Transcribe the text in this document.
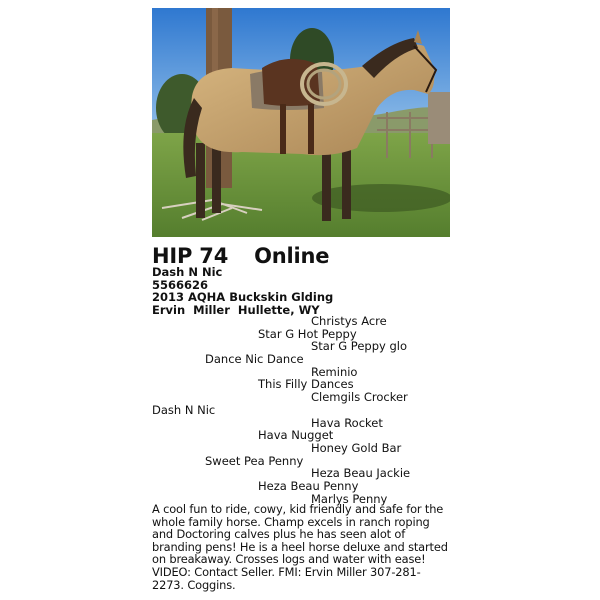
HIP 74 Online
Dash N Nic
5566626
2013 AQHA Buckskin Glding
Ervin  Miller  Hullette, WY
Christys Acre
Star G Hot Peppy
Star G Peppy glo
Dance Nic Dance
Reminio
This Filly Dances
Clemgils Crocker
Dash N Nic
Hava Rocket
Hava Nugget
Honey Gold Bar
Sweet Pea Penny
Heza Beau Jackie
Heza Beau Penny
Marlys Penny
A cool fun to ride, cowy, kid friendly and safe for the whole family horse. Champ excels in ranch roping and Doctoring calves plus he has seen alot of branding pens! He is a heel horse deluxe and started on breakaway. Crosses logs and water with ease! VIDEO: Contact Seller. FMI: Ervin Miller 307-281-2273. Coggins.
